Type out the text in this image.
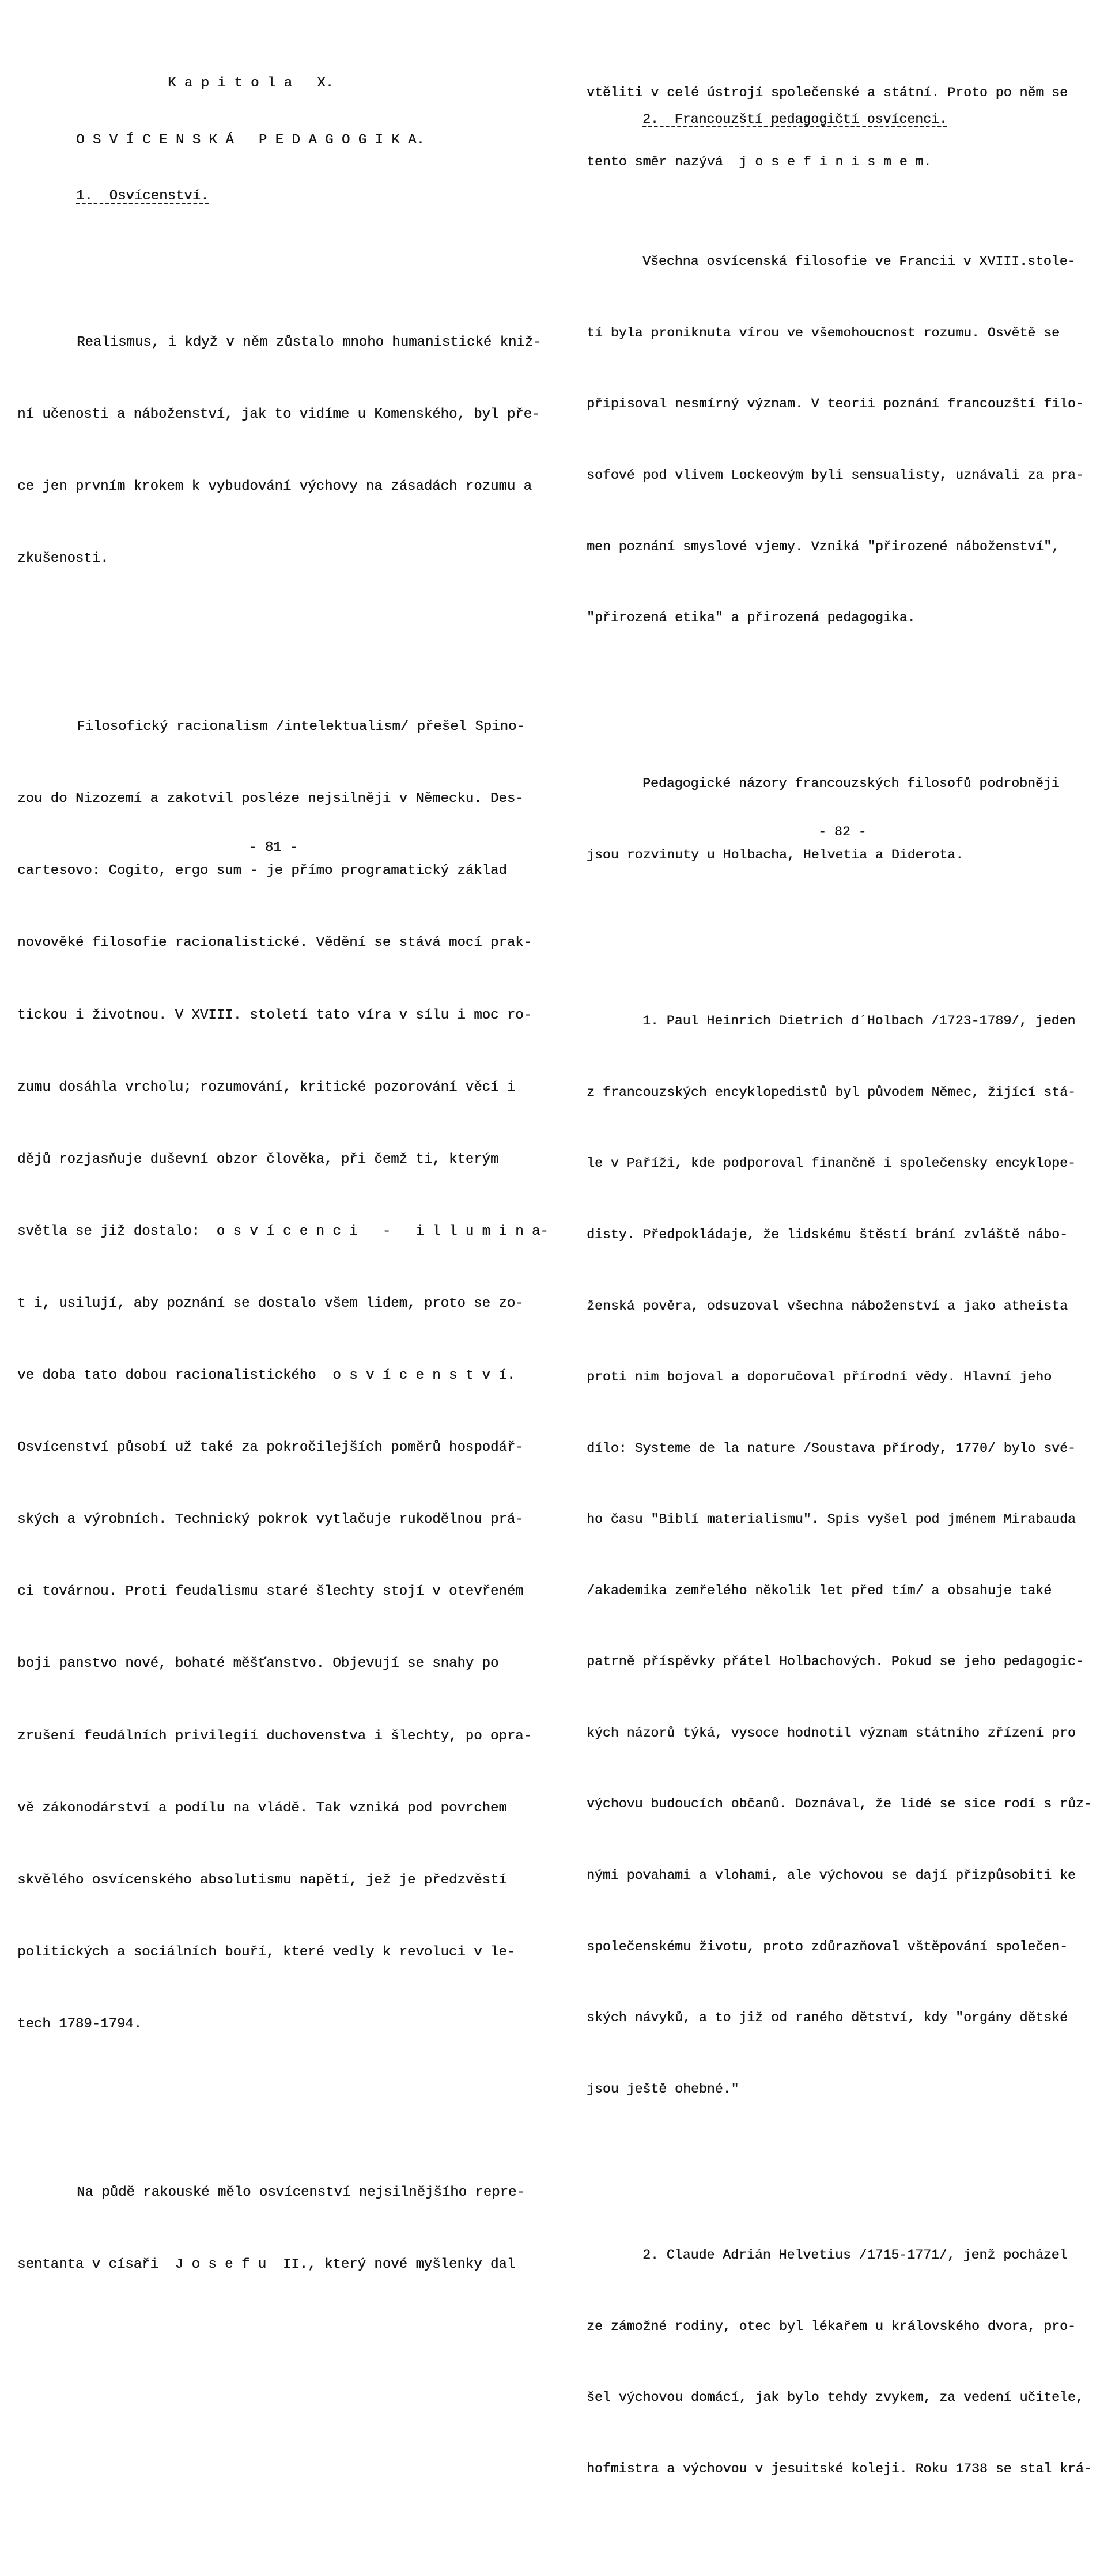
K a p i t o l a   X.
O S V Í C E N S K Á   P E D A G O G I K A.
1.  Osvícenství.

Realismus, i když v něm zůstalo mnoho humanistické kniž-

ní učenosti a náboženství, jak to vidíme u Komenského, byl pře-

ce jen prvním krokem k vybudování výchovy na zásadách rozumu a

zkušenosti.

Filosofický racionalism /intelektualism/ přešel Spino-

zou do Nizozemí a zakotvil posléze nejsilněji v Německu. Des-

cartesovo: Cogito, ergo sum - je přímo programatický základ

novověké filosofie racionalistické. Vědění se stává mocí prak-

tickou i životnou. V XVIII. století tato víra v sílu i moc ro-

zumu dosáhla vrcholu; rozumování, kritické pozorování věcí i

dějů rozjasňuje duševní obzor člověka, při čemž ti, kterým

světla se již dostalo:  o s v í c e n c i   -   i l l u m i n a-

t i, usilují, aby poznání se dostalo všem lidem, proto se zo-

ve doba tato dobou racionalistického  o s v í c e n s t v í.

Osvícenství působí už také za pokročilejších poměrů hospodář-

ských a výrobních. Technický pokrok vytlačuje rukodělnou prá-

ci továrnou. Proti feudalismu staré šlechty stojí v otevřeném

boji panstvo nové, bohaté měšťanstvo. Objevují se snahy po

zrušení feudálních privilegií duchovenstva i šlechty, po opra-

vě zákonodárství a podílu na vládě. Tak vzniká pod povrchem

skvělého osvícenského absolutismu napětí, jež je předzvěstí

politických a sociálních bouří, které vedly k revoluci v le-

tech 1789-1794.

Na půdě rakouské mělo osvícenství nejsilnějšího repre-

sentanta v císaři  J o s e f u  II., který nové myšlenky dal

- 81 -

vtěliti v celé ústrojí společenské a státní. Proto po něm se

tento směr nazývá  j o s e f i n i s m e m.

2.  Francouzští pedagogičtí osvícenci.

Všechna osvícenská filosofie ve Francii v XVIII.stole-

tí byla proniknuta vírou ve všemohoucnost rozumu. Osvětě se

připisoval nesmírný význam. V teorii poznání francouzští filo-

sofové pod vlivem Lockeovým byli sensualisty, uznávali za pra-

men poznání smyslové vjemy. Vzniká "přirozené náboženství",

"přirozená etika" a přirozená pedagogika.

Pedagogické názory francouzských filosofů podrobněji

jsou rozvinuty u Holbacha, Helvetia a Diderota.

1. Paul Heinrich Dietrich d´Holbach /1723-1789/, jeden

z francouzských encyklopedistů byl původem Němec, žijící stá-

le v Paříži, kde podporoval finančně i společensky encyklope-

disty. Předpokládaje, že lidskému štěstí brání zvláště nábo-

ženská pověra, odsuzoval všechna náboženství a jako atheista

proti nim bojoval a doporučoval přírodní vědy. Hlavní jeho

dílo: Systeme de la nature /Soustava přírody, 1770/ bylo své-

ho času "Biblí materialismu". Spis vyšel pod jménem Mirabauda

/akademika zemřelého několik let před tím/ a obsahuje také

patrně příspěvky přátel Holbachových. Pokud se jeho pedagogic-

kých názorů týká, vysoce hodnotil význam státního zřízení pro

výchovu budoucích občanů. Doznával, že lidé se sice rodí s růz-

nými povahami a vlohami, ale výchovou se dají přizpůsobiti ke

společenskému životu, proto zdůrazňoval vštěpování společen-

ských návyků, a to již od raného dětství, kdy "orgány dětské

jsou ještě ohebné."

2. Claude Adrián Helvetius /1715-1771/, jenž pocházel

ze zámožné rodiny, otec byl lékařem u královského dvora, pro-

šel výchovou domácí, jak bylo tehdy zvykem, za vedení učitele,

hofmistra a výchovou v jesuitské koleji. Roku 1738 se stal krá-

- 82 -
